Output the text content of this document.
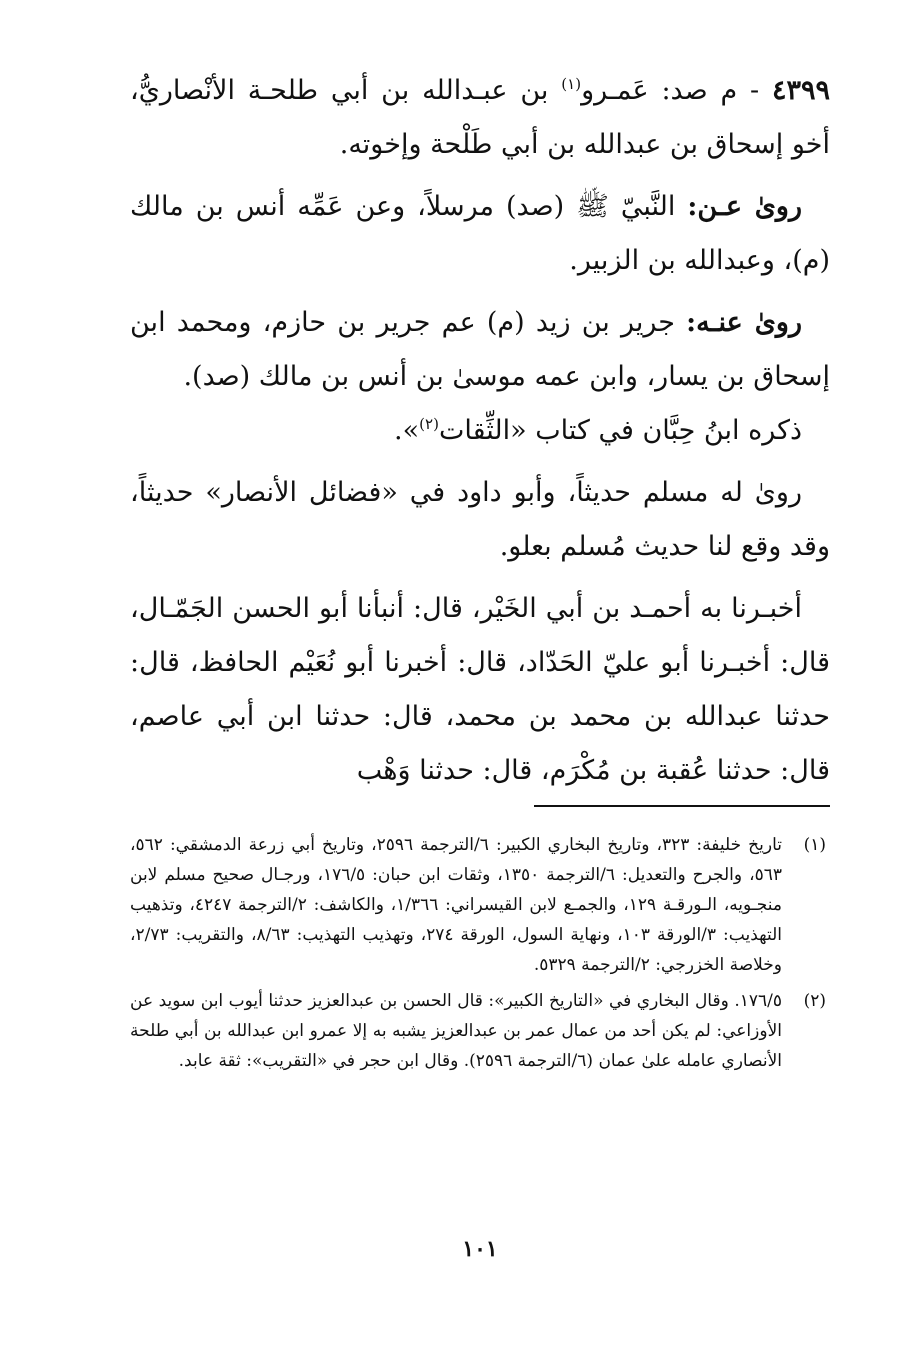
٤٣٩٩ - م صد: عَمـرو$^{(١)}$ بن عبـدالله بن أبي طلحـة الأنْصاريُّ، أخو إسحاق بن عبدالله بن أبي طَلْحة وإخوته.

روىٰ عـن: النَّبيّ ﷺ (صد) مرسلاً، وعن عَمِّه أنس بن مالك (م)، وعبدالله بن الزبير.

روىٰ عنـه: جرير بن زيد (م) عم جرير بن حازم، ومحمد ابن إسحاق بن يسار، وابن عمه موسىٰ بن أنس بن مالك (صد).

ذكره ابنُ حِبَّان في كتاب «الثِّقات$^{(٢)}$».

روىٰ له مسلم حديثاً، وأبو داود في «فضائل الأنصار» حديثاً، وقد وقع لنا حديث مُسلم بعلو.

أخبـرنا به أحمـد بن أبي الخَيْر، قال: أنبأنا أبو الحسن الجَمّـال، قال: أخبـرنا أبو عليّ الحَدّاد، قال: أخبرنا أبو نُعَيْم الحافظ، قال: حدثنا عبدالله بن محمد بن محمد، قال: حدثنا ابن أبي عاصم، قال: حدثنا عُقبة بن مُكْرَم، قال: حدثنا وَهْب

(١)
تاريخ خليفة: ٣٢٣، وتاريخ البخاري الكبير: ٦/الترجمة ٢٥٩٦، وتاريخ أبي زرعة الدمشقي: ٥٦٢، ٥٦٣، والجرح والتعديل: ٦/الترجمة ١٣٥٠، وثقات ابن حبان: ١٧٦/٥، ورجـال صحيح مسلم لابن منجـويه، الـورقـة ١٢٩، والجمـع لابن القيسراني: ١/٣٦٦، والكاشف: ٢/الترجمة ٤٢٤٧، وتذهيب التهذيب: ٣/الورقة ١٠٣، ونهاية السول، الورقة ٢٧٤، وتهذيب التهذيب: ٨/٦٣، والتقريب: ٢/٧٣، وخلاصة الخزرجي: ٢/الترجمة ٥٣٢٩.
(٢)
١٧٦/٥. وقال البخاري في «التاريخ الكبير»: قال الحسن بن عبدالعزيز حدثنا أيوب ابن سويد عن الأوزاعي: لم يكن أحد من عمال عمر بن عبدالعزيز يشبه به إلا عمرو ابن عبدالله بن أبي طلحة الأنصاري عامله علىٰ عمان (٦/الترجمة ٢٥٩٦). وقال ابن حجر في «التقريب»: ثقة عابد.
١٠١
